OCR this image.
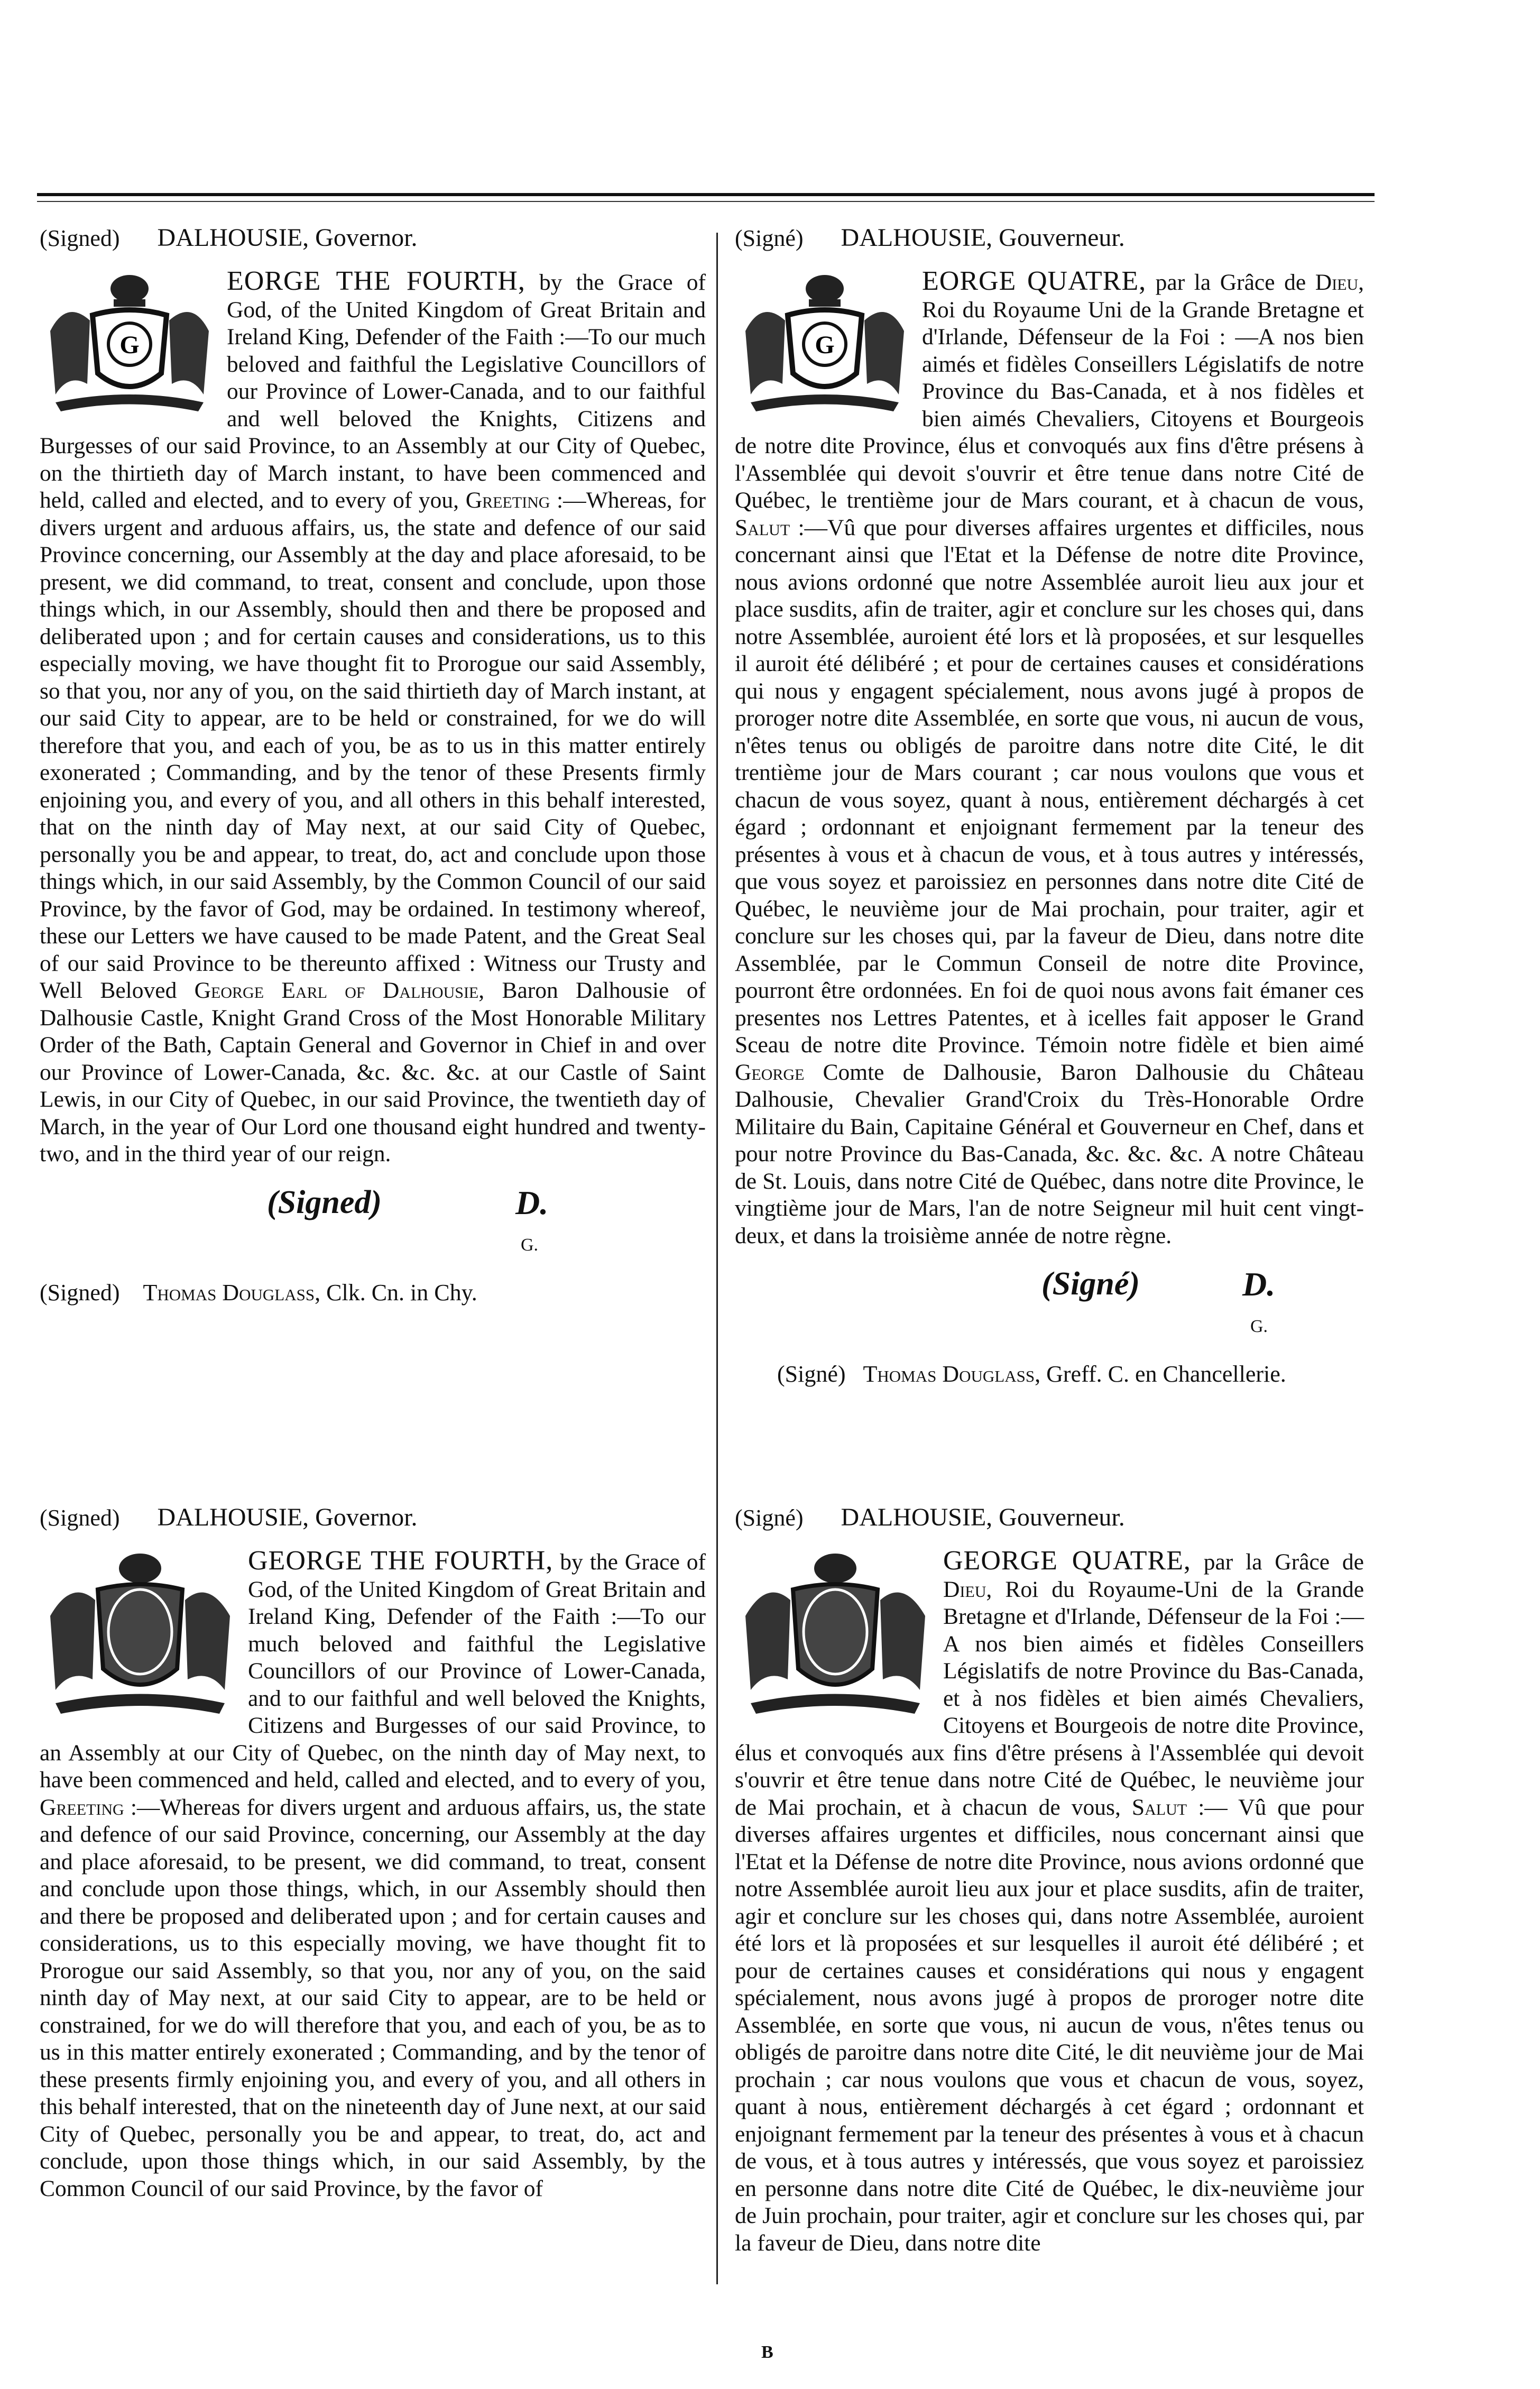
(Signed) DALHOUSIE, Governor.
G

EORGE THE FOURTH, by the Grace of God, of the United Kingdom of Great Britain and Ireland King, Defender of the Faith :—To our much beloved and faithful the Legislative Councillors of our Province of Lower-Canada, and to our faithful and well beloved the Knights, Citizens and Burgesses of our said Province, to an Assembly at our City of Quebec, on the thirtieth day of March instant, to have been commenced and held, called and elected, and to every of you, Greeting :—Whereas, for divers urgent and arduous affairs, us, the state and defence of our said Province concerning, our Assembly at the day and place aforesaid, to be present, we did command, to treat, consent and conclude, upon those things which, in our Assembly, should then and there be proposed and deliberated upon ; and for certain causes and considerations, us to this especially moving, we have thought fit to Prorogue our said Assembly, so that you, nor any of you, on the said thirtieth day of March instant, at our said City to appear, are to be held or constrained, for we do will therefore that you, and each of you, be as to us in this matter entirely exonerated ; Commanding, and by the tenor of these Presents firmly enjoining you, and every of you, and all others in this behalf interested, that on the ninth day of May next, at our said City of Quebec, personally you be and appear, to treat, do, act and conclude upon those things which, in our said Assembly, by the Common Council of our said Province, by the favor of God, may be ordained. In testimony whereof, these our Letters we have caused to be made Patent, and the Great Seal of our said Province to be thereunto affixed : Witness our Trusty and Well Beloved George Earl of Dalhousie, Baron Dalhousie of Dalhousie Castle, Knight Grand Cross of the Most Honorable Military Order of the Bath, Captain General and Governor in Chief in and over our Province of Lower-Canada, &c. &c. &c. at our Castle of Saint Lewis, in our City of Quebec, in our said Province, the twentieth day of March, in the year of Our Lord one thousand eight hundred and twenty-two, and in the third year of our reign.

(Signed)	D.
G.
(Signed) Thomas Douglass, Clk. Cn. in Chy.
(Signé) DALHOUSIE, Gouverneur.
G

EORGE QUATRE, par la Grâce de Dieu, Roi du Royaume Uni de la Grande Bretagne et d'Irlande, Défenseur de la Foi : —A nos bien aimés et fidèles Conseillers Législatifs de notre Province du Bas-Canada, et à nos fidèles et bien aimés Chevaliers, Citoyens et Bourgeois de notre dite Province, élus et convoqués aux fins d'être présens à l'Assemblée qui devoit s'ouvrir et être tenue dans notre Cité de Québec, le trentième jour de Mars courant, et à chacun de vous, Salut :—Vû que pour diverses affaires urgentes et difficiles, nous concernant ainsi que l'Etat et la Défense de notre dite Province, nous avions ordonné que notre Assemblée auroit lieu aux jour et place susdits, afin de traiter, agir et conclure sur les choses qui, dans notre Assemblée, auroient été lors et là proposées, et sur lesquelles il auroit été délibéré ; et pour de certaines causes et considérations qui nous y engagent spécialement, nous avons jugé à propos de proroger notre dite Assemblée, en sorte que vous, ni aucun de vous, n'êtes tenus ou obligés de paroitre dans notre dite Cité, le dit trentième jour de Mars courant ; car nous voulons que vous et chacun de vous soyez, quant à nous, entièrement déchargés à cet égard ; ordonnant et enjoignant fermement par la teneur des présentes à vous et à chacun de vous, et à tous autres y intéressés, que vous soyez et paroissiez en personnes dans notre dite Cité de Québec, le neuvième jour de Mai prochain, pour traiter, agir et conclure sur les choses qui, par la faveur de Dieu, dans notre dite Assemblée, par le Commun Conseil de notre dite Province, pourront être ordonnées. En foi de quoi nous avons fait émaner ces presentes nos Lettres Patentes, et à icelles fait apposer le Grand Sceau de notre dite Province. Témoin notre fidèle et bien aimé George Comte de Dalhousie, Baron Dalhousie du Château Dalhousie, Chevalier Grand'Croix du Très-Honorable Ordre Militaire du Bain, Capitaine Général et Gouverneur en Chef, dans et pour notre Province du Bas-Canada, &c. &c. &c. A notre Château de St. Louis, dans notre Cité de Québec, dans notre dite Province, le vingtième jour de Mars, l'an de notre Seigneur mil huit cent vingt-deux, et dans la troisième année de notre règne.

(Signé)	D.
G.
(Signé) Thomas Douglass, Greff. C. en Chancellerie.
(Signed) DALHOUSIE, Governor.

GEORGE THE FOURTH, by the Grace of God, of the United Kingdom of Great Britain and Ireland King, Defender of the Faith :—To our much beloved and faithful the Legislative Councillors of our Province of Lower-Canada, and to our faithful and well beloved the Knights, Citizens and Burgesses of our said Province, to an Assembly at our City of Quebec, on the ninth day of May next, to have been commenced and held, called and elected, and to every of you, Greeting :—Whereas for divers urgent and arduous affairs, us, the state and defence of our said Province, concerning, our Assembly at the day and place aforesaid, to be present, we did command, to treat, consent and conclude upon those things, which, in our Assembly should then and there be proposed and deliberated upon ; and for certain causes and considerations, us to this especially moving, we have thought fit to Prorogue our said Assembly, so that you, nor any of you, on the said ninth day of May next, at our said City to appear, are to be held or constrained, for we do will therefore that you, and each of you, be as to us in this matter entirely exonerated ; Commanding, and by the tenor of these presents firmly enjoining you, and every of you, and all others in this behalf interested, that on the nineteenth day of June next, at our said City of Quebec, personally you be and appear, to treat, do, act and conclude, upon those things which, in our said Assembly, by the Common Council of our said Province, by the favor of

(Signé) DALHOUSIE, Gouverneur.

GEORGE QUATRE, par la Grâce de Dieu, Roi du Royaume-Uni de la Grande Bretagne et d'Irlande, Défenseur de la Foi :—A nos bien aimés et fidèles Conseillers Législatifs de notre Province du Bas-Canada, et à nos fidèles et bien aimés Chevaliers, Citoyens et Bourgeois de notre dite Province, élus et convoqués aux fins d'être présens à l'Assemblée qui devoit s'ouvrir et être tenue dans notre Cité de Québec, le neuvième jour de Mai prochain, et à chacun de vous, Salut :— Vû que pour diverses affaires urgentes et difficiles, nous concernant ainsi que l'Etat et la Défense de notre dite Province, nous avions ordonné que notre Assemblée auroit lieu aux jour et place susdits, afin de traiter, agir et conclure sur les choses qui, dans notre Assemblée, auroient été lors et là proposées et sur lesquelles il auroit été délibéré ; et pour de certaines causes et considérations qui nous y engagent spécialement, nous avons jugé à propos de proroger notre dite Assemblée, en sorte que vous, ni aucun de vous, n'êtes tenus ou obligés de paroitre dans notre dite Cité, le dit neuvième jour de Mai prochain ; car nous voulons que vous et chacun de vous, soyez, quant à nous, entièrement déchargés à cet égard ; ordonnant et enjoignant fermement par la teneur des présentes à vous et à chacun de vous, et à tous autres y intéressés, que vous soyez et paroissiez en personne dans notre dite Cité de Québec, le dix-neuvième jour de Juin prochain, pour traiter, agir et conclure sur les choses qui, par la faveur de Dieu, dans notre dite

B
